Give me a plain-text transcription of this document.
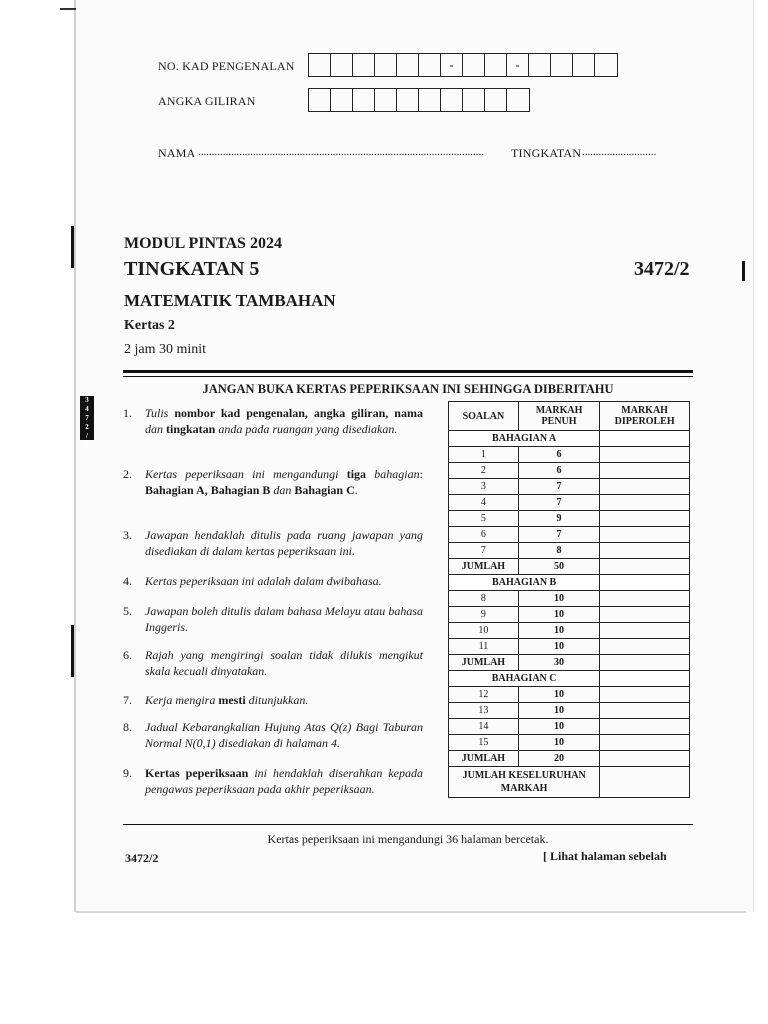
NO. KAD PENGENALAN	-	-
ANGKA GILIRAN
NAMA ........................................................................................................	TINGKATAN ...........................
MODUL PINTAS 2024
TINGKATAN 5	3472/2
MATEMATIK TAMBAHAN
Kertas 2
2 jam 30 minit
JANGAN BUKA KERTAS PEPERIKSAAN INI SEHINGGA DIBERITAHU
3
4
7
2
/
2
1.	Tulis nombor kad pengenalan, angka giliran, nama dan tingkatan anda pada ruangan yang disediakan.
2.	Kertas peperiksaan ini mengandungi tiga bahagian: Bahagian A, Bahagian B dan Bahagian C.
3.	Jawapan hendaklah ditulis pada ruang jawapan yang disediakan di dalam kertas peperiksaan ini.
4.	Kertas peperiksaan ini adalah dalam dwibahasa.
5.	Jawapan boleh ditulis dalam bahasa Melayu atau bahasa Inggeris.
6.	Rajah yang mengiringi soalan tidak dilukis mengikut skala kecuali dinyatakan.
7.	Kerja mengira mesti ditunjukkan.
8.	Jadual Kebarangkalian Hujung Atas Q(z) Bagi Taburan Normal N(0,1) disediakan di halaman 4.
9.	Kertas peperiksaan ini hendaklah diserahkan kepada pengawas peperiksaan pada akhir peperiksaan.
SOALAN	MARKAH PENUH	MARKAH DIPEROLEH
BAHAGIAN A		
1	6	
2	6	
3	7	
4	7	
5	9	
6	7	
7	8	
JUMLAH	50	
BAHAGIAN B		
8	10	
9	10	
10	10	
11	10	
JUMLAH	30	
BAHAGIAN C		
12	10	
13	10	
14	10	
15	10	
JUMLAH	20	
JUMLAH KESELURUHAN MARKAH		
Kertas peperiksaan ini mengandungi 36 halaman bercetak.
3472/2	[ Lihat halaman sebelah
